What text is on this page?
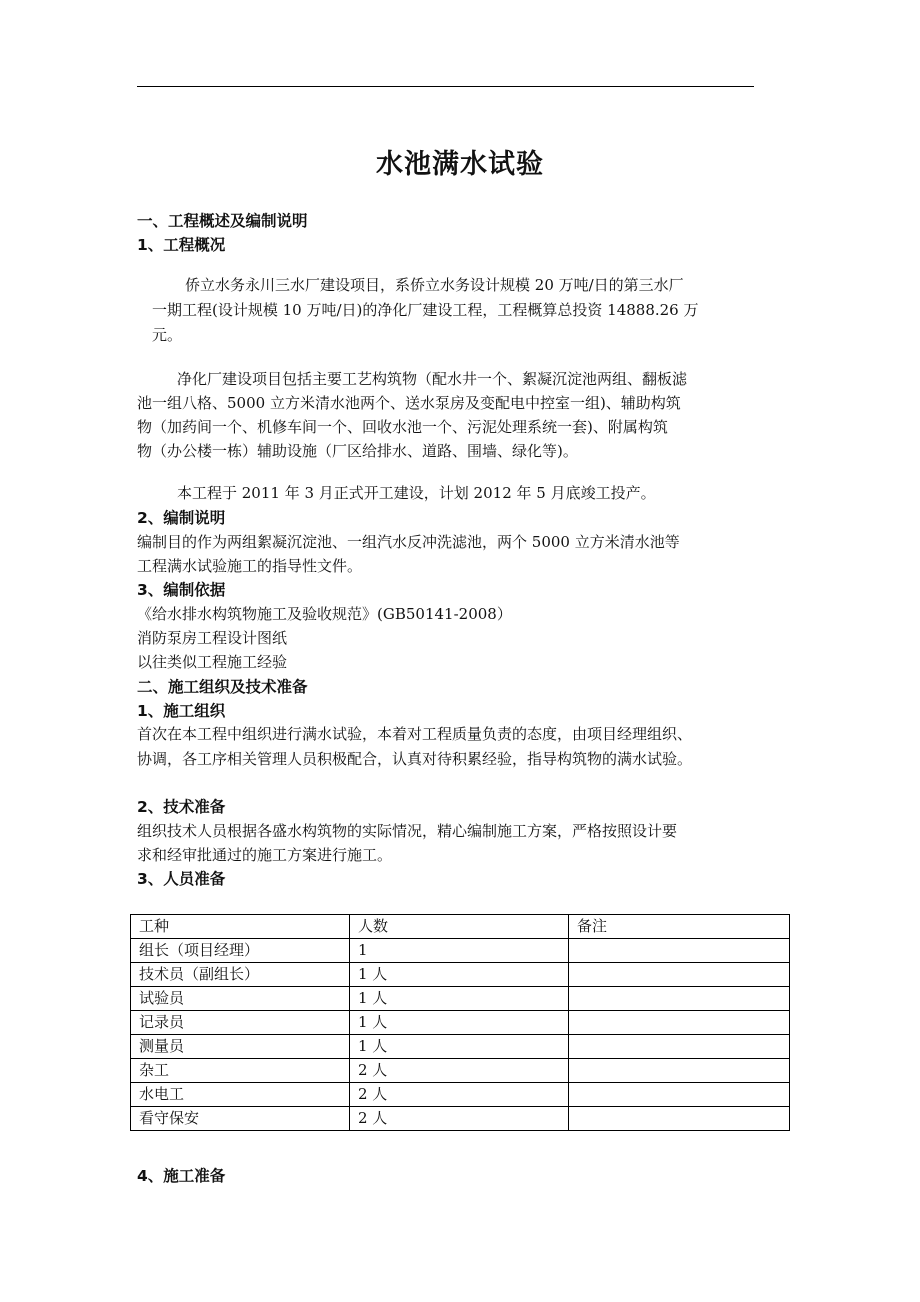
水池满水试验
一、工程概述及编制说明
1、工程概况
侨立水务永川三水厂建设项目，系侨立水务设计规模 20 万吨/日的第三水厂
一期工程(设计规模 10 万吨/日)的净化厂建设工程，工程概算总投资 14888.26 万
元。
净化厂建设项目包括主要工艺构筑物（配水井一个、絮凝沉淀池两组、翻板滤
池一组八格、5000 立方米清水池两个、送水泵房及变配电中控室一组)、辅助构筑
物（加药间一个、机修车间一个、回收水池一个、污泥处理系统一套)、附属构筑
物（办公楼一栋）辅助设施（厂区给排水、道路、围墙、绿化等)。
本工程于 2011 年 3 月正式开工建设，计划 2012 年 5 月底竣工投产。
2、编制说明
编制目的作为两组絮凝沉淀池、一组汽水反冲洗滤池，两个 5000 立方米清水池等
工程满水试验施工的指导性文件。
3、编制依据
《给水排水构筑物施工及验收规范》(GB50141-2008）
消防泵房工程设计图纸
以往类似工程施工经验
二、施工组织及技术准备
1、施工组织
首次在本工程中组织进行满水试验，本着对工程质量负责的态度，由项目经理组织、
协调，各工序相关管理人员积极配合，认真对待积累经验，指导构筑物的满水试验。
2、技术准备
组织技术人员根据各盛水构筑物的实际情况，精心编制施工方案，严格按照设计要
求和经审批通过的施工方案进行施工。
3、人员准备
工种	人数	备注
组长（项目经理）	1	
技术员（副组长）	1 人	
试验员	1 人	
记录员	1 人	
测量员	1 人	
杂工	2 人	
水电工	2 人	
看守保安	2 人	
4、施工准备
